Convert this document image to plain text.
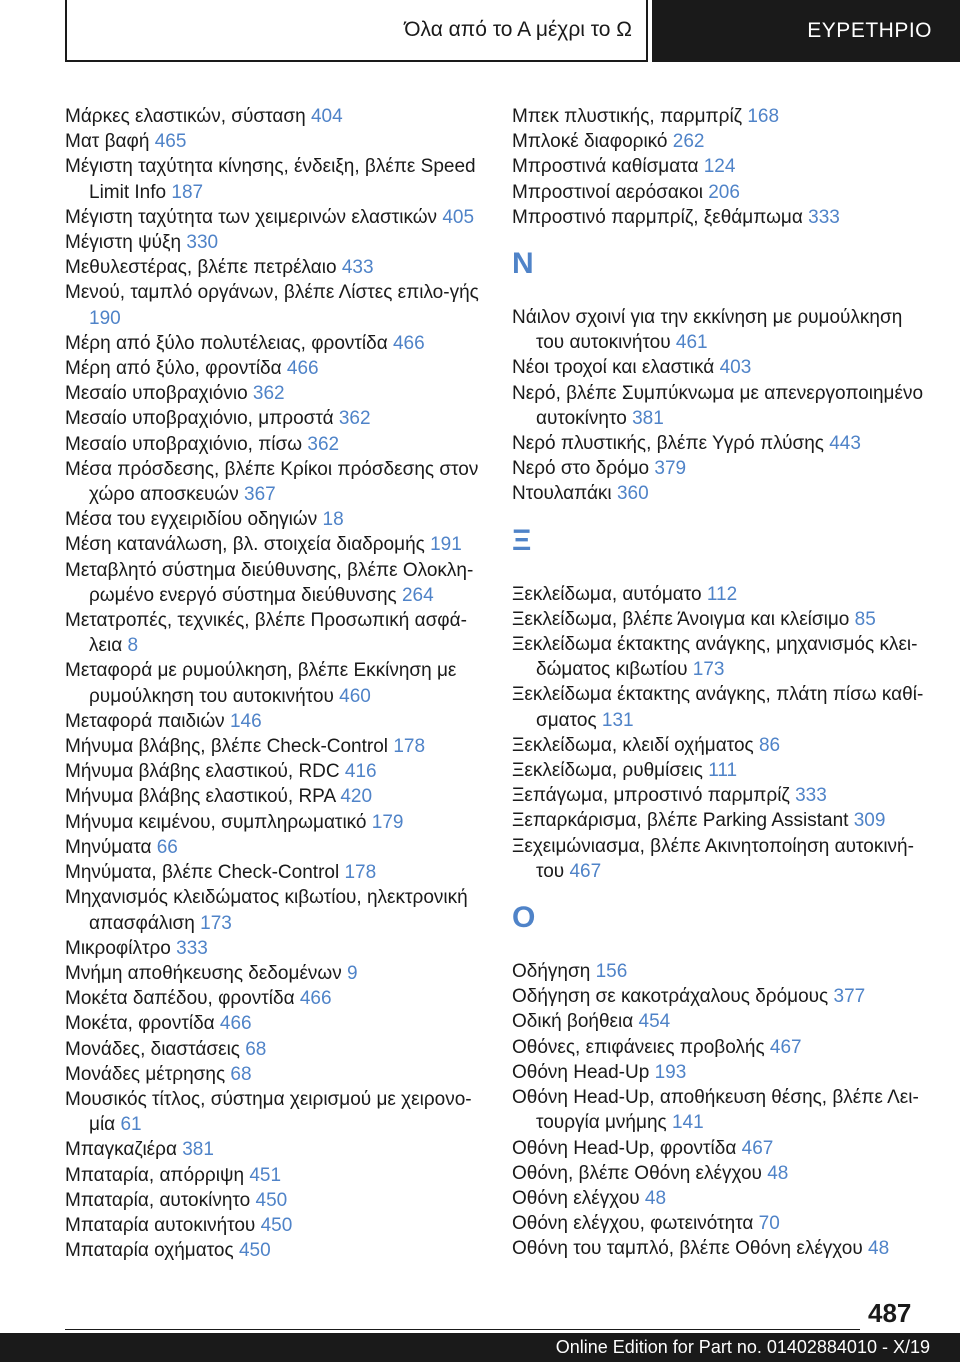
Όλα από το Α μέχρι το Ω	ΕΥΡΕΤΗΡΙΟ
Μάρκες ελαστικών, σύσταση 404
Ματ βαφή 465
Μέγιστη ταχύτητα κίνησης, ένδειξη, βλέπε Speed Limit Info 187
Μέγιστη ταχύτητα των χειμερινών ελαστικών 405
Μέγιστη ψύξη 330
Μεθυλεστέρας, βλέπε πετρέλαιο 433
Μενού, ταμπλό οργάνων, βλέπε Λίστες επιλο-γής 190
Μέρη από ξύλο πολυτέλειας, φροντίδα 466
Μέρη από ξύλο, φροντίδα 466
Μεσαίο υποβραχιόνιο 362
Μεσαίο υποβραχιόνιο, μπροστά 362
Μεσαίο υποβραχιόνιο, πίσω 362
Μέσα πρόσδεσης, βλέπε Κρίκοι πρόσδεσης στον χώρο αποσκευών 367
Μέσα του εγχειριδίου οδηγιών 18
Μέση κατανάλωση, βλ. στοιχεία διαδρομής 191
Μεταβλητό σύστημα διεύθυνσης, βλέπε Ολοκλη-ρωμένο ενεργό σύστημα διεύθυνσης 264
Μετατροπές, τεχνικές, βλέπε Προσωπική ασφά-λεια 8
Μεταφορά με ρυμούλκηση, βλέπε Εκκίνηση με ρυμούλκηση του αυτοκινήτου 460
Μεταφορά παιδιών 146
Μήνυμα βλάβης, βλέπε Check-Control 178
Μήνυμα βλάβης ελαστικού, RDC 416
Μήνυμα βλάβης ελαστικού, RPA 420
Μήνυμα κειμένου, συμπληρωματικό 179
Μηνύματα 66
Μηνύματα, βλέπε Check-Control 178
Μηχανισμός κλειδώματος κιβωτίου, ηλεκτρονική απασφάλιση 173
Μικροφίλτρο 333
Μνήμη αποθήκευσης δεδομένων 9
Μοκέτα δαπέδου, φροντίδα 466
Μοκέτα, φροντίδα 466
Μονάδες, διαστάσεις 68
Μονάδες μέτρησης 68
Μουσικός τίτλος, σύστημα χειρισμού με χειρονο-μία 61
Μπαγκαζιέρα 381
Μπαταρία, απόρριψη 451
Μπαταρία, αυτοκίνητο 450
Μπαταρία αυτοκινήτου 450
Μπαταρία οχήματος 450
Μπεκ πλυστικής, παρμπρίζ 168
Μπλοκέ διαφορικό 262
Μπροστινά καθίσματα 124
Μπροστινοί αερόσακοι 206
Μπροστινό παρμπρίζ, ξεθάμπωμα 333
Ν
Νάιλον σχοινί για την εκκίνηση με ρυμούλκηση του αυτοκινήτου 461
Νέοι τροχοί και ελαστικά 403
Νερό, βλέπε Συμπύκνωμα με απενεργοποιημένο αυτοκίνητο 381
Νερό πλυστικής, βλέπε Υγρό πλύσης 443
Νερό στο δρόμο 379
Ντουλαπάκι 360
Ξ
Ξεκλείδωμα, αυτόματο 112
Ξεκλείδωμα, βλέπε Άνοιγμα και κλείσιμο 85
Ξεκλείδωμα έκτακτης ανάγκης, μηχανισμός κλει-δώματος κιβωτίου 173
Ξεκλείδωμα έκτακτης ανάγκης, πλάτη πίσω καθί-σματος 131
Ξεκλείδωμα, κλειδί οχήματος 86
Ξεκλείδωμα, ρυθμίσεις 111
Ξεπάγωμα, μπροστινό παρμπρίζ 333
Ξεπαρκάρισμα, βλέπε Parking Assistant 309
Ξεχειμώνιασμα, βλέπε Ακινητοποίηση αυτοκινή-του 467
Ο
Οδήγηση 156
Οδήγηση σε κακοτράχαλους δρόμους 377
Οδική βοήθεια 454
Οθόνες, επιφάνειες προβολής 467
Οθόνη Head-Up 193
Οθόνη Head-Up, αποθήκευση θέσης, βλέπε Λει-τουργία μνήμης 141
Οθόνη Head-Up, φροντίδα 467
Οθόνη, βλέπε Οθόνη ελέγχου 48
Οθόνη ελέγχου 48
Οθόνη ελέγχου, φωτεινότητα 70
Οθόνη του ταμπλό, βλέπε Οθόνη ελέγχου 48
487
Online Edition for Part no. 01402884010 - X/19
